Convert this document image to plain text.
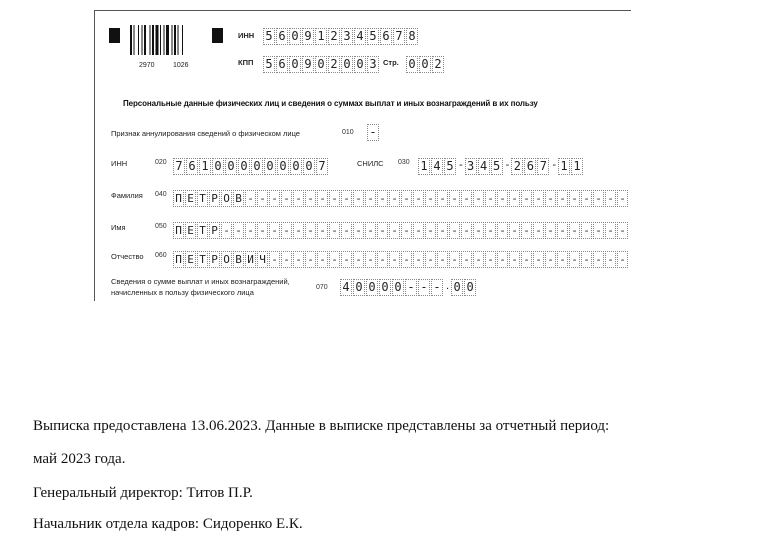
2970	1026
ИНН 5 6 0 9 1 2 3 4 5 6 7 8
КПП 5 6 0 9 0 2 0 0 3 Стр. 0 0 2
Персональные данные физических лиц и сведения о суммах выплат и иных вознаграждений в их пользу
Признак аннулирования сведений о физическом лице	010 -
ИНН	020 7 6 1 0 0 0 0 0 0 0 0 7	СНИЛС 030 1 4 5 - 3 4 5 - 2 6 7 - 1 1
Фамилия 040 П Е Т Р О В - - - - - - - - - - - - - - - - - - - - - - - - - - - - - - - -
Имя	050 П Е Т Р - - - - - - - - - - - - - - - - - - - - - - - - - - - - - - - - - -
Отчество 060 П Е Т Р О В И Ч - - - - - - - - - - - - - - - - - - - - - - - - - - - - - -
Сведения о сумме выплат и иных вознаграждений,
начисленных в пользу физического лица
070 4 0 0 0 0 - - - . 0 0
Выписка предоставлена 13.06.2023. Данные в выписке представлены за отчетный период:
май 2023 года.
Генеральный директор: Титов П.Р.
Начальник отдела кадров: Сидоренко Е.К.
